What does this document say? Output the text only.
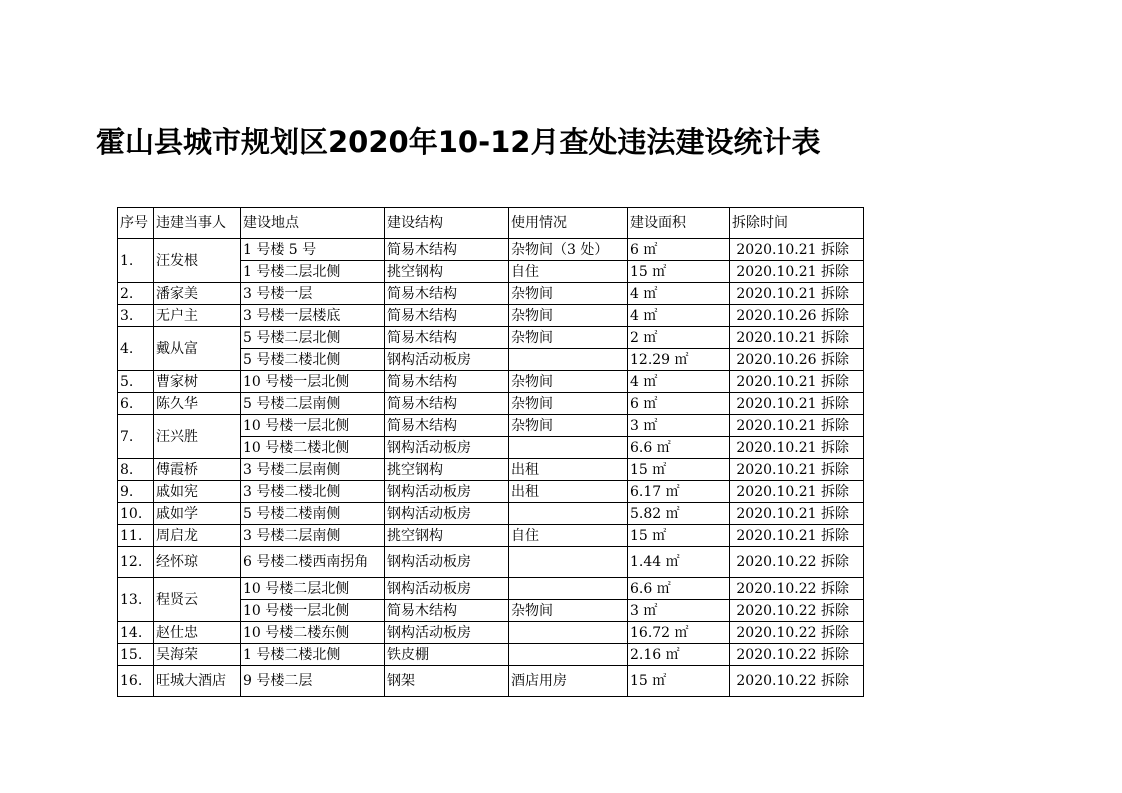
霍山县城市规划区2020年10-12月查处违法建设统计表
序号	违建当事人	建设地点	建设结构	使用情况	建设面积	拆除时间
1.	汪发根	1 号楼 5 号	简易木结构	杂物间（3 处）	6 ㎡	2020.10.21 拆除
		1 号楼二层北侧	挑空钢构	自住	15 ㎡	2020.10.21 拆除
2.	潘家美	3 号楼一层	简易木结构	杂物间	4 ㎡	2020.10.21 拆除
3.	无户主	3 号楼一层楼底	简易木结构	杂物间	4 ㎡	2020.10.26 拆除
4.	戴从富	5 号楼二层北侧	简易木结构	杂物间	2 ㎡	2020.10.21 拆除
		5 号楼二楼北侧	钢构活动板房		12.29 ㎡	2020.10.26 拆除
5.	曹家树	10 号楼一层北侧	简易木结构	杂物间	4 ㎡	2020.10.21 拆除
6.	陈久华	5 号楼二层南侧	简易木结构	杂物间	6 ㎡	2020.10.21 拆除
7.	汪兴胜	10 号楼一层北侧	简易木结构	杂物间	3 ㎡	2020.10.21 拆除
		10 号楼二楼北侧	钢构活动板房		6.6 ㎡	2020.10.21 拆除
8.	傅霞桥	3 号楼二层南侧	挑空钢构	出租	15 ㎡	2020.10.21 拆除
9.	戚如宪	3 号楼二楼北侧	钢构活动板房	出租	6.17 ㎡	2020.10.21 拆除
10.	戚如学	5 号楼二楼南侧	钢构活动板房		5.82 ㎡	2020.10.21 拆除
11.	周启龙	3 号楼二层南侧	挑空钢构	自住	15 ㎡	2020.10.21 拆除
12.	经怀琼	6 号楼二楼西南拐角	钢构活动板房		1.44 ㎡	2020.10.22 拆除
13.	程贤云	10 号楼二层北侧	钢构活动板房		6.6 ㎡	2020.10.22 拆除
		10 号楼一层北侧	简易木结构	杂物间	3 ㎡	2020.10.22 拆除
14.	赵仕忠	10 号楼二楼东侧	钢构活动板房		16.72 ㎡	2020.10.22 拆除
15.	吴海荣	1 号楼二楼北侧	铁皮棚		2.16 ㎡	2020.10.22 拆除
16.	旺城大酒店	9 号楼二层	钢架	酒店用房	15 ㎡	2020.10.22 拆除
